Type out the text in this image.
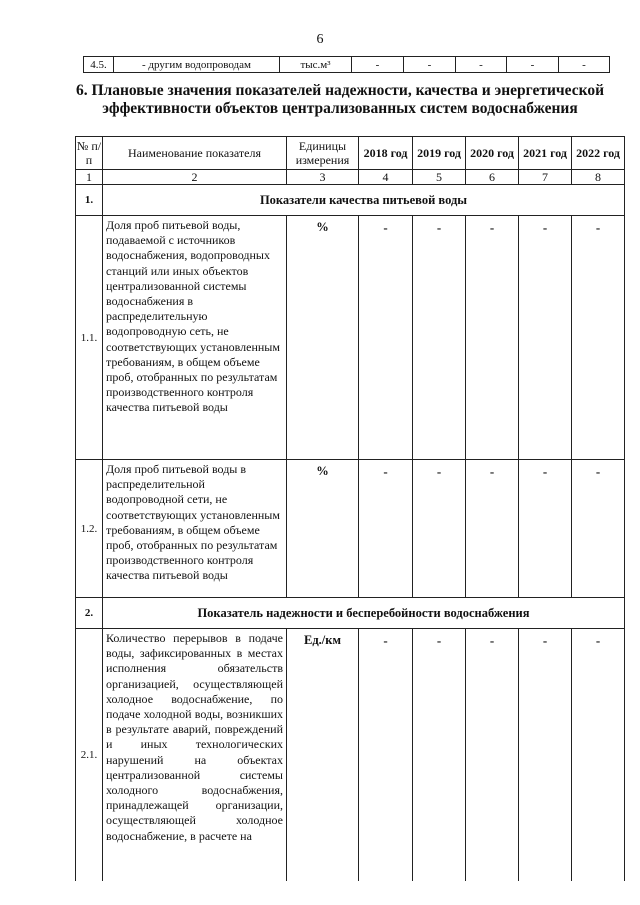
6
4.5.	- другим водопроводам	тыс.м³	-	-	-	-	-
6. Плановые значения показателей надежности, качества и энергетической эффективности объектов централизованных систем водоснабжения
№ п/п	Наименование показателя	Единицы измерения	2018 год	2019 год	2020 год	2021 год	2022 год
1	2	3	4	5	6	7	8
1.	Показатели качества питьевой воды						
1.1.	Доля проб питьевой воды, подаваемой с источников водоснабжения, водопроводных станций или иных объектов централизованной системы водоснабжения в распределительную водопроводную сеть, не соответствующих установленным требованиям, в общем объеме проб, отобранных по результатам производственного контроля качества питьевой воды	%	-	-	-	-	-
1.2.	Доля проб питьевой воды в распределительной водопроводной сети, не соответствующих установленным требованиям, в общем объеме проб, отобранных по результатам производственного контроля качества питьевой воды	%	-	-	-	-	-
2.	Показатель надежности и бесперебойности водоснабжения						
2.1.	Количество перерывов в подаче воды, зафиксированных в местах исполнения обязательств организацией, осуществляющей холодное водоснабжение, по подаче холодной воды, возникших в результате аварий, повреждений и иных технологических нарушений на объектах централизованной системы холодного водоснабжения, принадлежащей организации, осуществляющей холодное водоснабжение, в расчете на	Ед./км	-	-	-	-	-
